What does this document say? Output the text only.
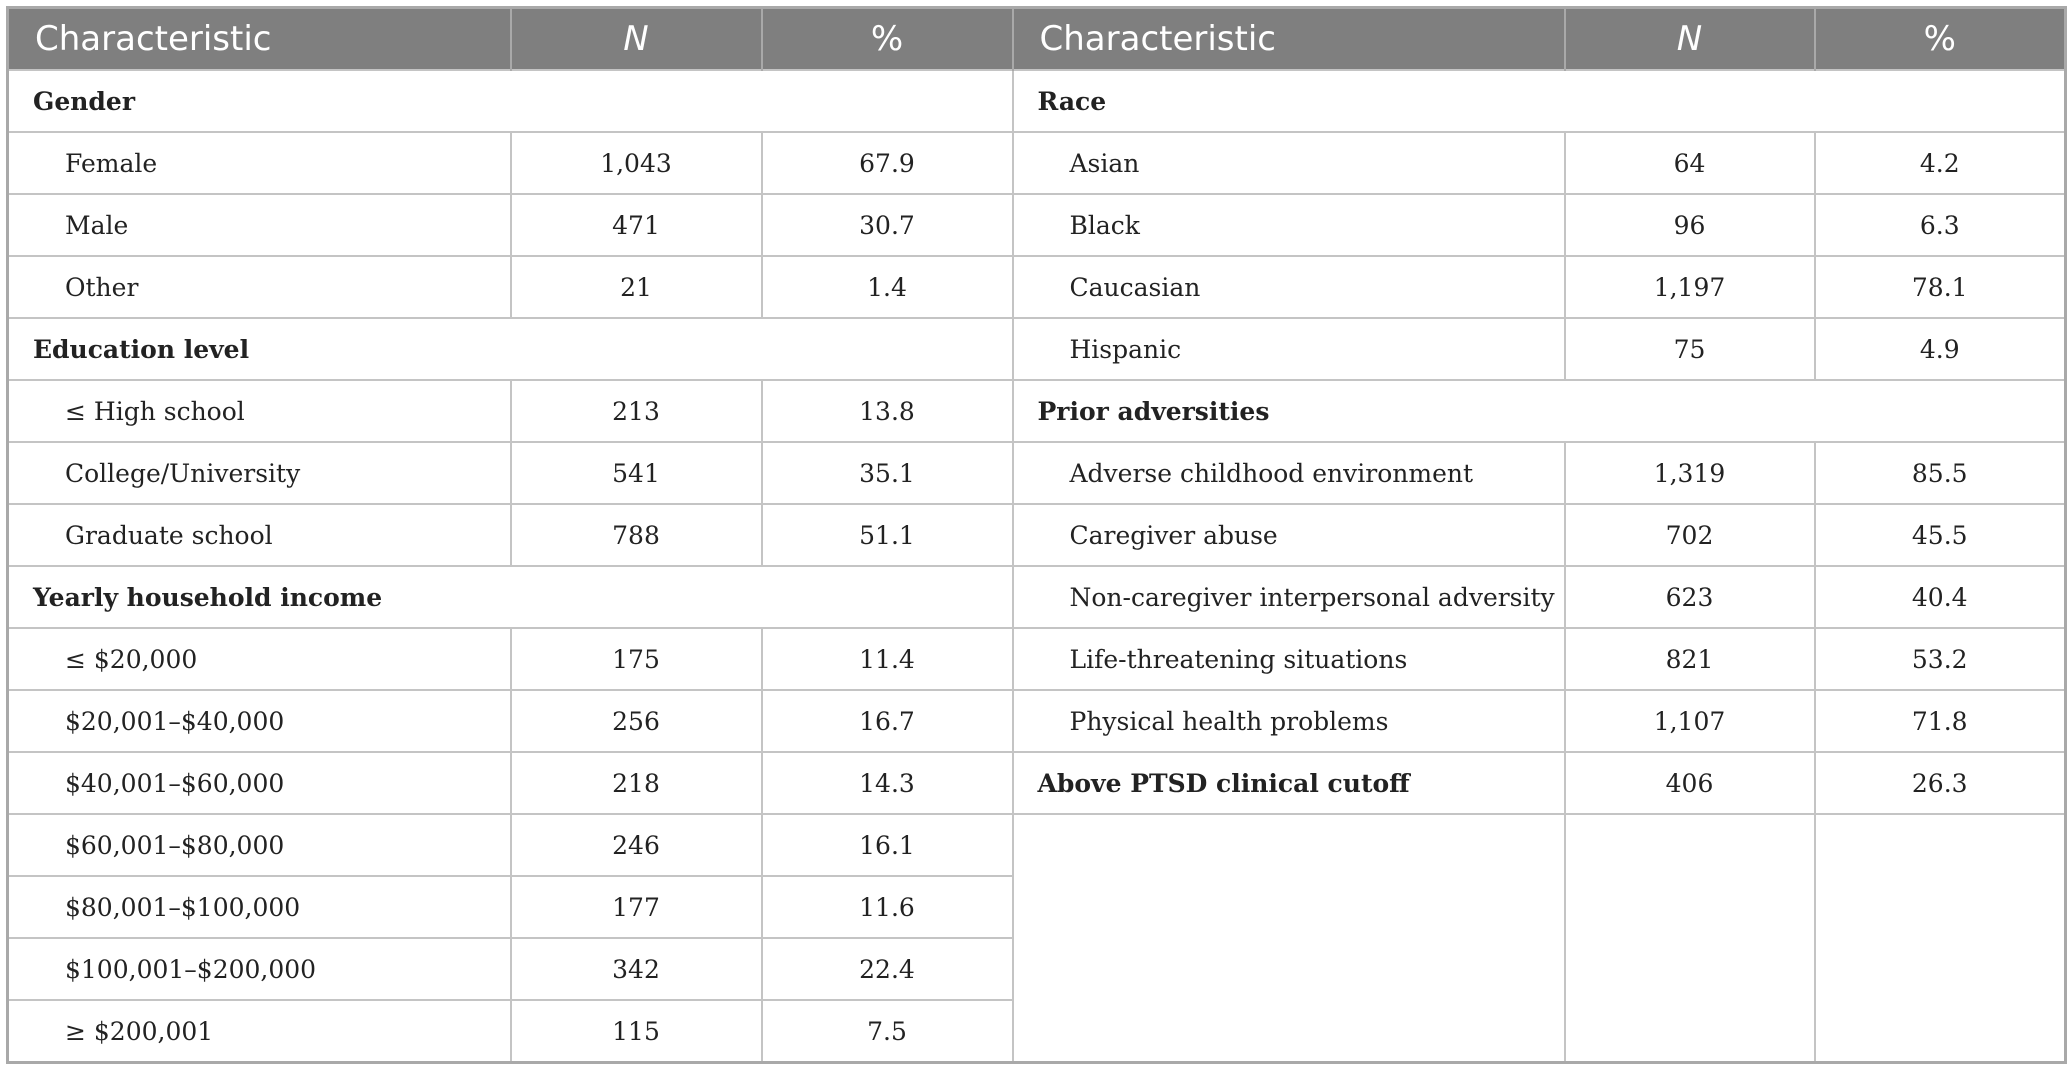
Characteristic	N	%	Characteristic	N	%
Gender			Race		
Female	1,043	67.9	Asian	64	4.2
Male	471	30.7	Black	96	6.3
Other	21	1.4	Caucasian	1,197	78.1
Education level			Hispanic	75	4.9
≤ High school	213	13.8	Prior adversities		
College/University	541	35.1	Adverse childhood environment	1,319	85.5
Graduate school	788	51.1	Caregiver abuse	702	45.5
Yearly household income			Non-caregiver interpersonal adversity	623	40.4
≤ $20,000	175	11.4	Life-threatening situations	821	53.2
$20,001–$40,000	256	16.7	Physical health problems	1,107	71.8
$40,001–$60,000	218	14.3	Above PTSD clinical cutoff	406	26.3
$60,001–$80,000	246	16.1			
$80,001–$100,000	177	11.6			
$100,001–$200,000	342	22.4			
≥ $200,001	115	7.5			
